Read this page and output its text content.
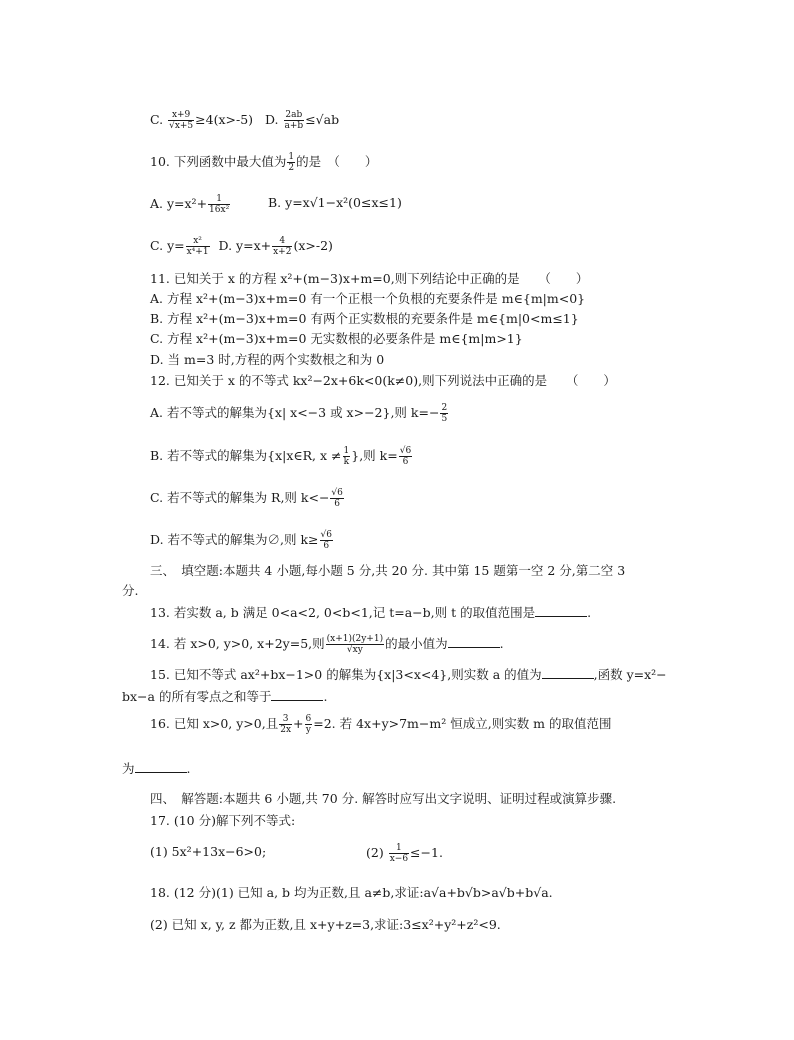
C. $\frac{x+9}{√x+5} \ge 4(x>-5)$ D. $\frac{2ab}{a+b} \le√ab$
10. 下列函数中最大值为 $\frac{1}{2}$ 的是　（　　）
A. $y=x^2+ \frac{1}{\text{16x²}}$	B. y=x√1−x²(0≤x≤1)
C. $y= \frac{\text{x²}}{\text{x⁴+1}} D$. $y=x+ \frac{4}{x+2} (x>-2)$
11. 已知关于 x 的方程 x²+(m−3)x+m=0,则下列结论中正确的是　　（　　）
A. 方程 x²+(m−3)x+m=0 有一个正根一个负根的充要条件是 m∈{m|m<0}
B. 方程 x²+(m−3)x+m=0 有两个正实数根的充要条件是 m∈{m|0<m≤1}
C. 方程 x²+(m−3)x+m=0 无实数根的必要条件是 m∈{m|m>1}
D. 当 m=3 时,方程的两个实数根之和为 0
12. 已知关于 x 的不等式 kx²−2x+6k<0(k≠0),则下列说法中正确的是　　（　　）
A. 若不等式的解集为{x| x<−3 或 x>−2},则 $k=- \frac{2}{5}$
B. 若不等式的解集为{x|x∈R, $x \ne \frac{1}{k}$ },则 $k= \frac{√6}{6}$
C. 若不等式的解集为 R,则 $k<- \frac{√6}{6}$
D. 若不等式的解集为∅,则 $k\ge \frac{√6}{6}$
三、　填空题:本题共 4 小题,每小题 5 分,共 20 分. 其中第 15 题第一空 2 分,第二空 3
分.
13. 若实数 a, b 满足 0<a<2, 0<b<1,记 t=a−b,则 t 的取值范围是	.
14. 若 x>0, y>0, x+2y=5,则 $\frac{(x+1)(2y+1)}{√xy}$ 的最小值为	.
15. 已知不等式 ax²+bx−1>0 的解集为{x|3<x<4},则实数 a 的值为	,函数 y=x²−
bx−a 的所有零点之和等于	.
16. 已知 x>0, y>0,且 $\frac{3}{2x} + \frac{6}{y} =2$. 若 4x+y>7m−m² 恒成立,则实数 m 的取值范围
为	.
四、　解答题:本题共 6 小题,共 70 分. 解答时应写出文字说明、证明过程或演算步骤.
17. (10 分)解下列不等式:
(1) 5x²+13x−6>0;	$(2) \frac{1}{x-6} \le-1$.
18. (12 分)(1) 已知 a, b 均为正数,且 a≠b,求证:a√a+b√b>a√b+b√a.
(2) 已知 x, y, z 都为正数,且 x+y+z=3,求证:3≤x²+y²+z²<9.
